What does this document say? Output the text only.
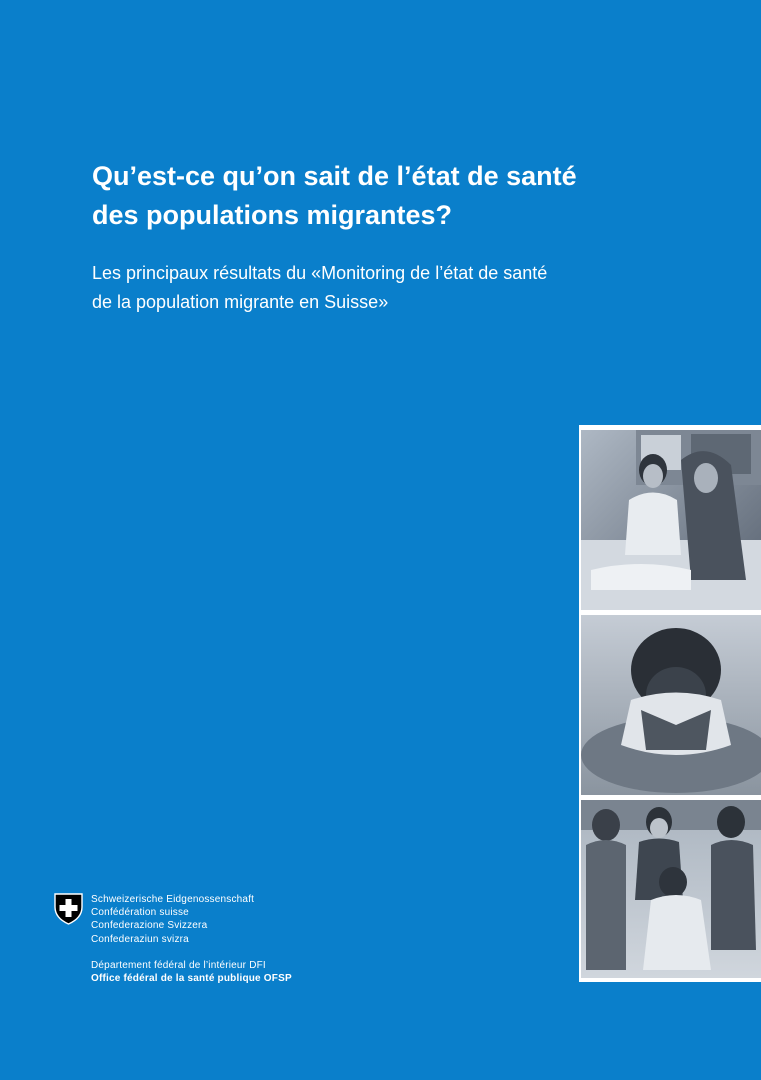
Qu’est-ce qu’on sait de l’état de santé
des populations migrantes?

Les principaux résultats du «Monitoring de l’état de santé
de la population migrante en Suisse»

Schweizerische Eidgenossenschaft
Confédération suisse
Confederazione Svizzera
Confederaziun svizra
Département fédéral de l’intérieur DFI
Office fédéral de la santé publique OFSP
